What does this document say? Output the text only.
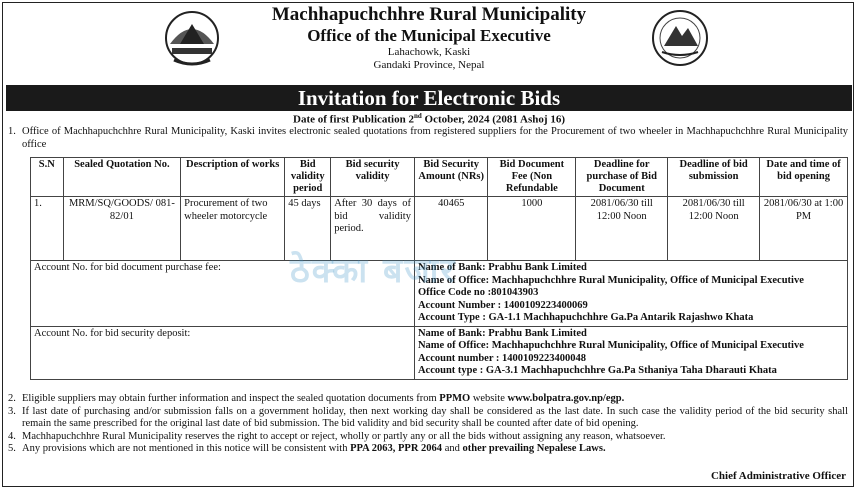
Machhapuchchhre Rural Municipality
Office of the Municipal Executive
Lahachowk, Kaski
Gandaki Province, Nepal
Invitation for Electronic Bids
Date of first Publication 2nd October, 2024 (2081 Ashoj 16)
1. Office of Machhapuchchhre Rural Municipality, Kaski invites electronic sealed quotations from registered suppliers for the Procurement of two wheeler in Machhapuchchhre Rural Municipality office
S.N	Sealed Quotation No.	Description of works	Bid validity period	Bid security validity	Bid Security Amount (NRs)	Bid Document Fee (Non Refundable	Deadline for purchase of Bid Document	Deadline of bid submission	Date and time of bid opening
1.	MRM/SQ/GOODS/ 081-82/01	Procurement of two wheeler motorcycle	45 days	After 30 days of bid validity period.	40465	1000	2081/06/30 till 12:00 Noon	2081/06/30 till 12:00 Noon	2081/06/30 at 1:00 PM
Account No. for bid document purchase fee:					Name of Bank: Prabhu Bank Limited
Name of Office: Machhapuchchhre Rural Municipality, Office of Municipal Executive
Office Code no :801043903
Account Number : 1400109223400069
Account Type : GA-1.1 Machhapuchchhre Ga.Pa Antarik Rajashwo Khata				

Account No. for bid security deposit:					Name of Bank: Prabhu Bank Limited
Name of Office: Machhapuchchhre Rural Municipality, Office of Municipal Executive
Account number : 1400109223400048
Account type : GA-3.1 Machhapuchchhre Ga.Pa Sthaniya Taha Dharauti Khata				
ठेक्का बजार
2. Eligible suppliers may obtain further information and inspect the sealed quotation documents from PPMO website www.bolpatra.gov.np/egp.
3. If last date of purchasing and/or submission falls on a government holiday, then next working day shall be considered as the last date. In such case the validity period of the bid security shall remain the same prescribed for the original last date of bid submission. The bid validity and bid security shall be counted after date of bid opening.
4. Machhapuchchhre Rural Municipality reserves the right to accept or reject, wholly or partly any or all the bids without assigning any reason, whatsoever.
5. Any provisions which are not mentioned in this notice will be consistent with PPA 2063, PPR 2064 and other prevailing Nepalese Laws.
Chief Administrative Officer
